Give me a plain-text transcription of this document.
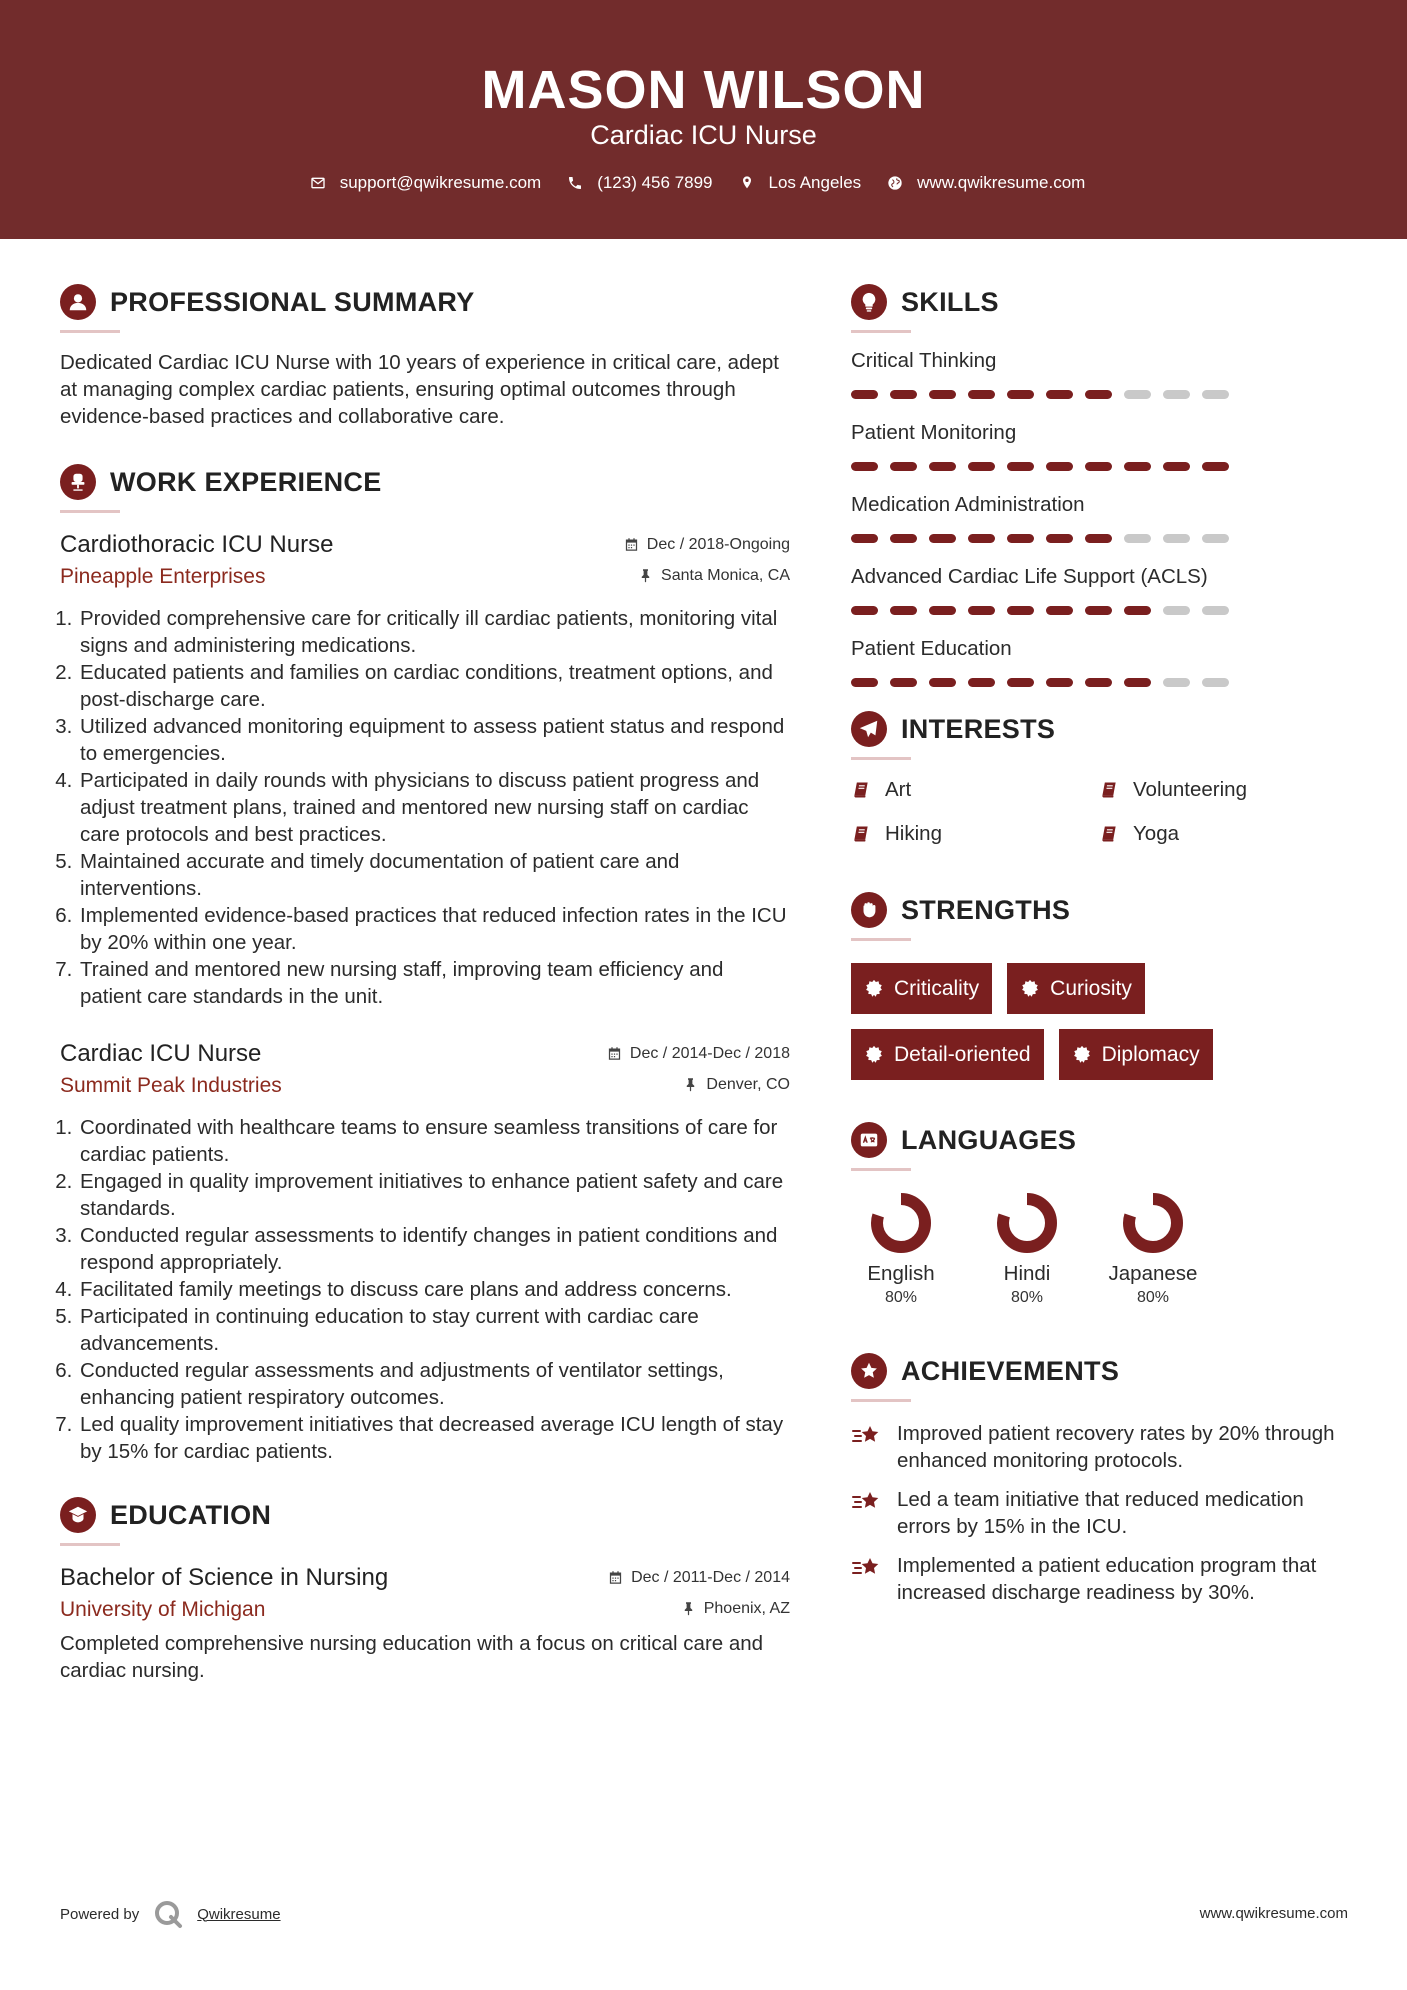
MASON WILSON
Cardiac ICU Nurse
support@qwikresume.com	(123) 456 7899	Los Angeles	www.qwikresume.com
PROFESSIONAL SUMMARY

Dedicated Cardiac ICU Nurse with 10 years of experience in critical care, adept at managing complex cardiac patients, ensuring optimal outcomes through evidence-based practices and collaborative care.

WORK EXPERIENCE
Cardiothoracic ICU Nurse	Dec / 2018-Ongoing
Pineapple Enterprises	Santa Monica, CA
1. Provided comprehensive care for critically ill cardiac patients, monitoring vital signs and administering medications.
2. Educated patients and families on cardiac conditions, treatment options, and post-discharge care.
3. Utilized advanced monitoring equipment to assess patient status and respond to emergencies.
4. Participated in daily rounds with physicians to discuss patient progress and adjust treatment plans, trained and mentored new nursing staff on cardiac care protocols and best practices.
5. Maintained accurate and timely documentation of patient care and interventions.
6. Implemented evidence-based practices that reduced infection rates in the ICU by 20% within one year.
7. Trained and mentored new nursing staff, improving team efficiency and patient care standards in the unit.
Cardiac ICU Nurse	Dec / 2014-Dec / 2018
Summit Peak Industries	Denver, CO
1. Coordinated with healthcare teams to ensure seamless transitions of care for cardiac patients.
2. Engaged in quality improvement initiatives to enhance patient safety and care standards.
3. Conducted regular assessments to identify changes in patient conditions and respond appropriately.
4. Facilitated family meetings to discuss care plans and address concerns.
5. Participated in continuing education to stay current with cardiac care advancements.
6. Conducted regular assessments and adjustments of ventilator settings, enhancing patient respiratory outcomes.
7. Led quality improvement initiatives that decreased average ICU length of stay by 15% for cardiac patients.
EDUCATION
Bachelor of Science in Nursing	Dec / 2011-Dec / 2014
University of Michigan	Phoenix, AZ

Completed comprehensive nursing education with a focus on critical care and cardiac nursing.

SKILLS
Critical Thinking
Patient Monitoring
Medication Administration
Advanced Cardiac Life Support (ACLS)
Patient Education
INTERESTS
Art	Volunteering
Hiking	Yoga
STRENGTHS
Criticality	Curiosity
Detail-oriented	Diplomacy
LANGUAGES
English
80%
Hindi
80%
Japanese
80%
ACHIEVEMENTS
Improved patient recovery rates by 20% through enhanced monitoring protocols.
Led a team initiative that reduced medication errors by 15% in the ICU.
Implemented a patient education program that increased discharge readiness by 30%.
Powered by	Qwikresume	www.qwikresume.com
